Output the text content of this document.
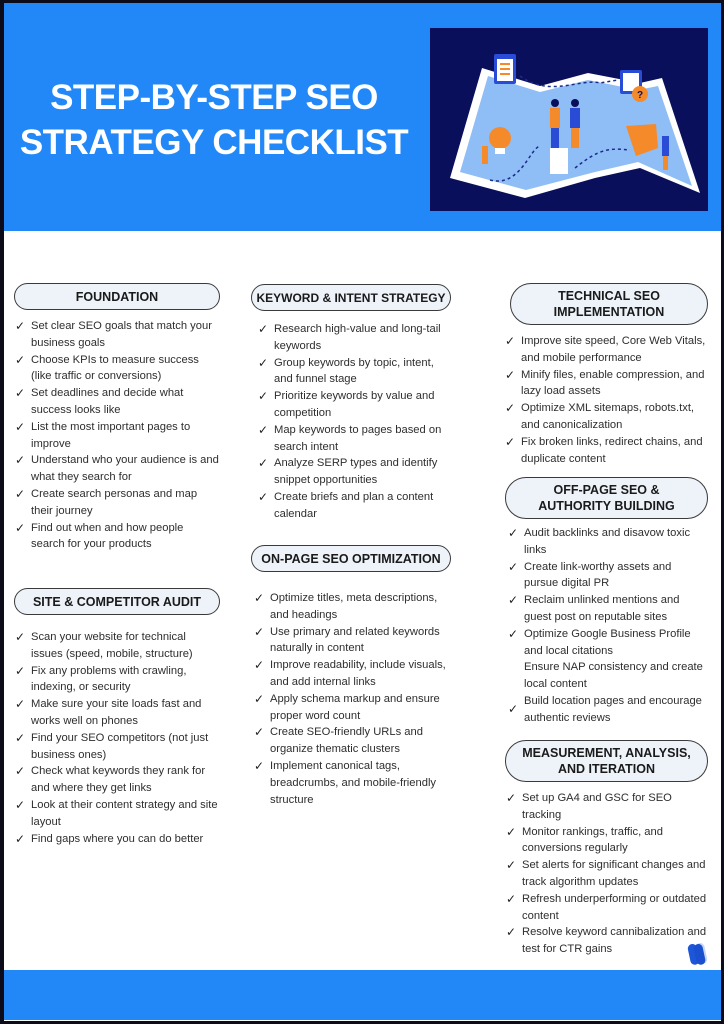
STEP-BY-STEP SEO
STRATEGY CHECKLIST
?
FOUNDATION
✓ Set clear SEO goals that match your business goals
✓ Choose KPIs to measure success (like traffic or conversions)
✓ Set deadlines and decide what success looks like
✓ List the most important pages to improve
✓ Understand who your audience is and what they search for
✓ Create search personas and map their journey
✓ Find out when and how people search for your products
SITE & COMPETITOR AUDIT
✓ Scan your website for technical issues (speed, mobile, structure)
✓ Fix any problems with crawling, indexing, or security
✓ Make sure your site loads fast and works well on phones
✓ Find your SEO competitors (not just business ones)
✓ Check what keywords they rank for and where they get links
✓ Look at their content strategy and site layout
✓ Find gaps where you can do better
KEYWORD & INTENT STRATEGY
✓ Research high-value and long-tail keywords
✓ Group keywords by topic, intent, and funnel stage
✓ Prioritize keywords by value and competition
✓ Map keywords to pages based on search intent
✓ Analyze SERP types and identify snippet opportunities
✓ Create briefs and plan a content calendar
ON-PAGE SEO OPTIMIZATION
✓ Optimize titles, meta descriptions, and headings
✓ Use primary and related keywords naturally in content
✓ Improve readability, include visuals, and add internal links
✓ Apply schema markup and ensure proper word count
✓ Create SEO-friendly URLs and organize thematic clusters
✓ Implement canonical tags, breadcrumbs, and mobile-friendly structure
TECHNICAL SEO IMPLEMENTATION
✓ Improve site speed, Core Web Vitals, and mobile performance
✓ Minify files, enable compression, and lazy load assets
✓ Optimize XML sitemaps, robots.txt, and canonicalization
✓ Fix broken links, redirect chains, and duplicate content
OFF-PAGE SEO & AUTHORITY BUILDING
✓ Audit backlinks and disavow toxic links
✓ Create link-worthy assets and pursue digital PR
✓ Reclaim unlinked mentions and guest post on reputable sites
✓ Optimize Google Business Profile and local citations
Ensure NAP consistency and create local content
✓
Build location pages and encourage authentic reviews
MEASUREMENT, ANALYSIS, AND ITERATION
✓ Set up GA4 and GSC for SEO tracking
✓ Monitor rankings, traffic, and conversions regularly
✓ Set alerts for significant changes and track algorithm updates
✓ Refresh underperforming or outdated content
✓ Resolve keyword cannibalization and test for CTR gains
